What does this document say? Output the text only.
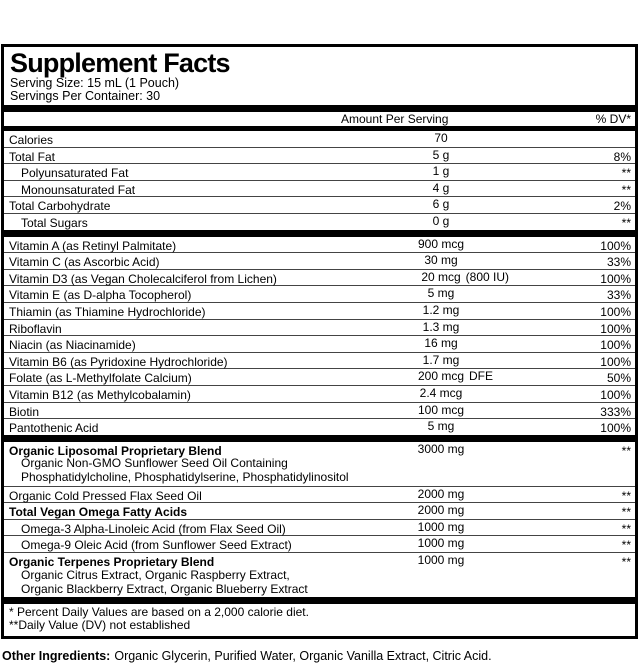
Supplement Facts
Serving Size: 15 mL (1 Pouch)
Servings Per Container: 30
Amount Per Serving	% DV*
Calories	70
Total Fat	5 g	8%
Polyunsaturated Fat	1 g	**
Monounsaturated Fat	4 g	**
Total Carbohydrate	6 g	2%
Total Sugars	0 g	**
Vitamin A (as Retinyl Palmitate)	900 mcg	100%
Vitamin C (as Ascorbic Acid)	30 mg	33%
Vitamin D3 (as Vegan Cholecalciferol from Lichen)	20 mcg (800 IU)	100%
Vitamin E (as D-alpha Tocopherol)	5 mg	33%
Thiamin (as Thiamine Hydrochloride)	1.2 mg	100%
Riboflavin	1.3 mg	100%
Niacin (as Niacinamide)	16 mg	100%
Vitamin B6 (as Pyridoxine Hydrochloride)	1.7 mg	100%
Folate (as L-Methylfolate Calcium)	200 mcg DFE	50%
Vitamin B12 (as Methylcobalamin)	2.4 mcg	100%
Biotin	100 mcg	333%
Pantothenic Acid	5 mg	100%
Organic Liposomal Proprietary Blend	3000 mg	**
Organic Non-GMO Sunflower Seed Oil Containing
Phosphatidylcholine, Phosphatidylserine, Phosphatidylinositol
Organic Cold Pressed Flax Seed Oil	2000 mg	**
Total Vegan Omega Fatty Acids	2000 mg	**
Omega-3 Alpha-Linoleic Acid (from Flax Seed Oil)	1000 mg	**
Omega-9 Oleic Acid (from Sunflower Seed Extract)	1000 mg	**
Organic Terpenes Proprietary Blend	1000 mg	**
Organic Citrus Extract, Organic Raspberry Extract,
Organic Blackberry Extract, Organic Blueberry Extract
* Percent Daily Values are based on a 2,000 calorie diet.
**Daily Value (DV) not established
Other Ingredients: Organic Glycerin, Purified Water, Organic Vanilla Extract, Citric Acid.
